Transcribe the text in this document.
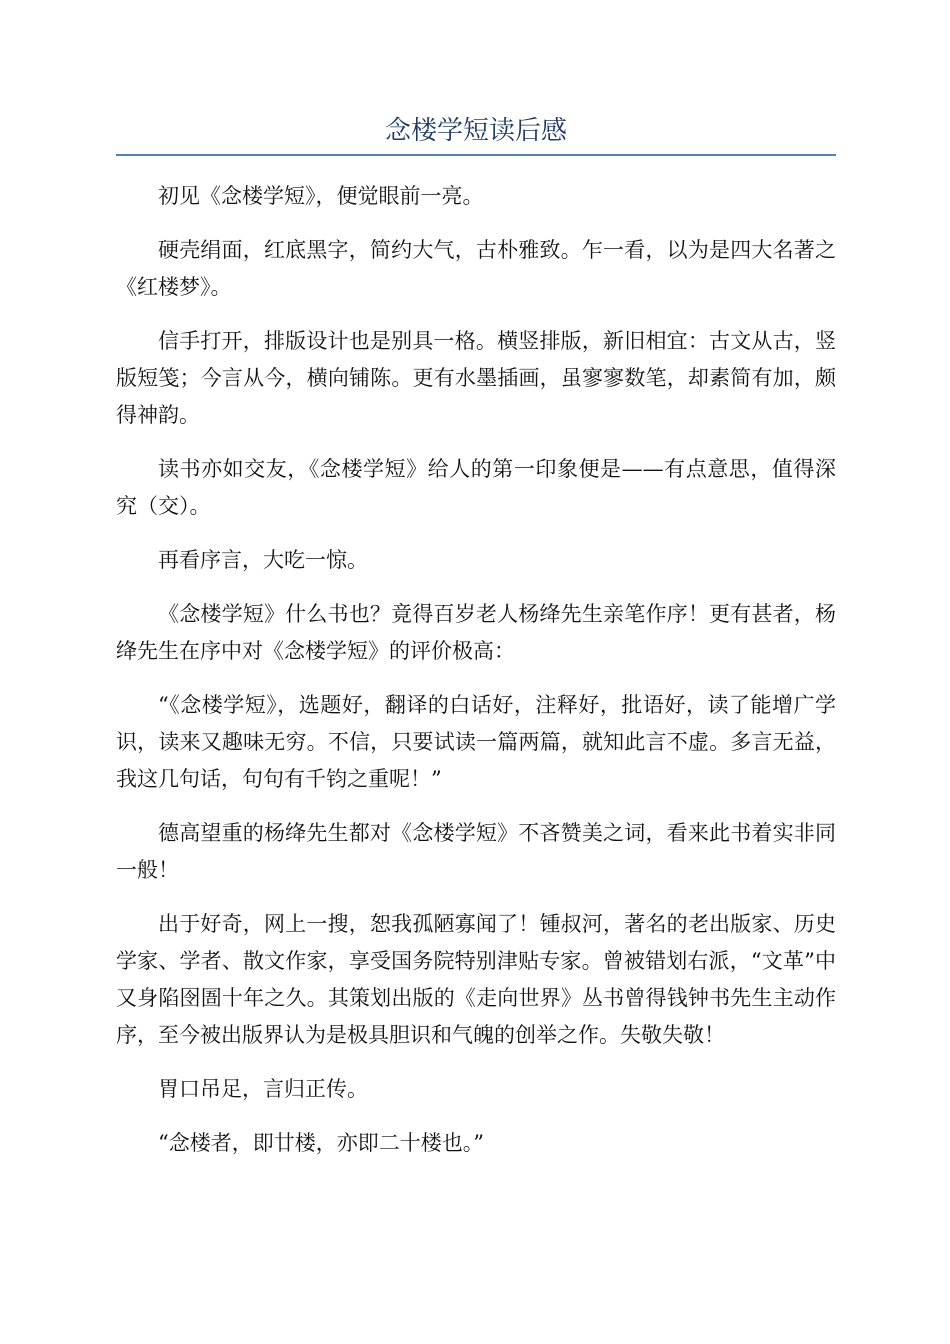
念楼学短读后感

初见《念楼学短》，便觉眼前一亮。

硬壳绢面，红底黑字，简约大气，古朴雅致。乍一看，以为是四大名著之《红楼梦》。

信手打开，排版设计也是别具一格。横竖排版，新旧相宜：古文从古，竖版短笺；今言从今，横向铺陈。更有水墨插画，虽寥寥数笔，却素简有加，颇得神韵。

读书亦如交友，《念楼学短》给人的第一印象便是——有点意思，值得深究（交）。

再看序言，大吃一惊。

《念楼学短》什么书也？竟得百岁老人杨绛先生亲笔作序！更有甚者，杨绛先生在序中对《念楼学短》的评价极高：

“《念楼学短》，选题好，翻译的白话好，注释好，批语好，读了能增广学识，读来又趣味无穷。不信，只要试读一篇两篇，就知此言不虚。多言无益，我这几句话，句句有千钧之重呢！”

德高望重的杨绛先生都对《念楼学短》不吝赞美之词，看来此书着实非同一般！

出于好奇，网上一搜，恕我孤陋寡闻了！锺叔河，著名的老出版家、历史学家、学者、散文作家，享受国务院特别津贴专家。曾被错划右派，“文革”中又身陷囹圄十年之久。其策划出版的《走向世界》丛书曾得钱钟书先生主动作序，至今被出版界认为是极具胆识和气魄的创举之作。失敬失敬！

胃口吊足，言归正传。

“念楼者，即廿楼，亦即二十楼也。”
